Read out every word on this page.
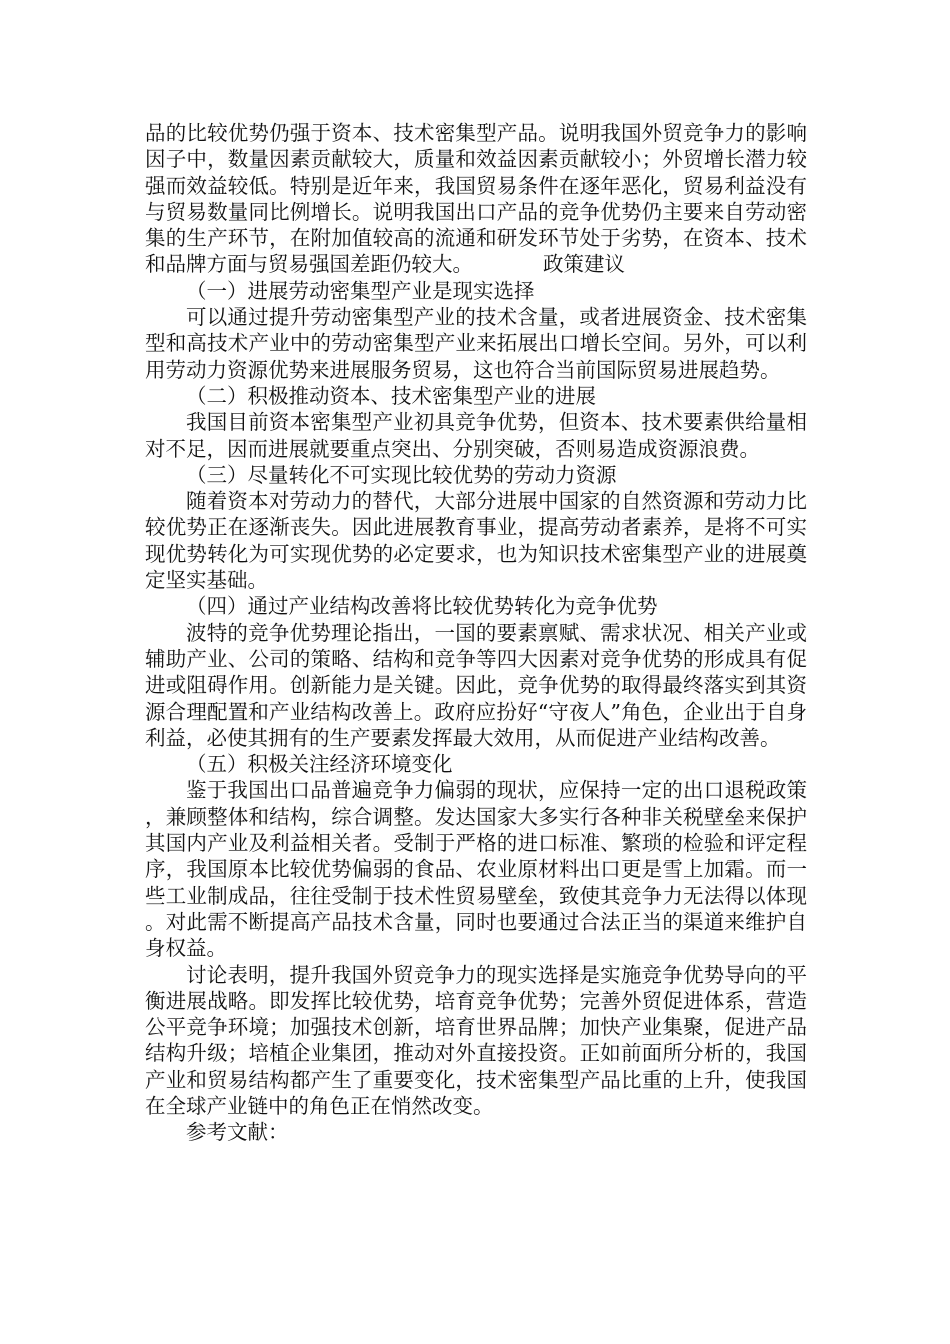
品的比较优势仍强于资本、技术密集型产品。说明我国外贸竞争力的影响因子中，数量因素贡献较大，质量和效益因素贡献较小；外贸增长潜力较强而效益较低。特别是近年来，我国贸易条件在逐年恶化，贸易利益没有与贸易数量同比例增长。说明我国出口产品的竞争优势仍主要来自劳动密集的生产环节，在附加值较高的流通和研发环节处于劣势，在资本、技术和品牌方面与贸易强国差距仍较大。	政策建议

（一）进展劳动密集型产业是现实选择

可以通过提升劳动密集型产业的技术含量，或者进展资金、技术密集型和高技术产业中的劳动密集型产业来拓展出口增长空间。另外，可以利用劳动力资源优势来进展服务贸易，这也符合当前国际贸易进展趋势。

（二）积极推动资本、技术密集型产业的进展

我国目前资本密集型产业初具竞争优势，但资本、技术要素供给量相对不足，因而进展就要重点突出、分别突破，否则易造成资源浪费。

（三）尽量转化不可实现比较优势的劳动力资源

随着资本对劳动力的替代，大部分进展中国家的自然资源和劳动力比较优势正在逐渐丧失。因此进展教育事业，提高劳动者素养，是将不可实现优势转化为可实现优势的必定要求，也为知识技术密集型产业的进展奠定坚实基础。

（四）通过产业结构改善将比较优势转化为竞争优势

波特的竞争优势理论指出，一国的要素禀赋、需求状况、相关产业或辅助产业、公司的策略、结构和竞争等四大因素对竞争优势的形成具有促进或阻碍作用。创新能力是关键。因此，竞争优势的取得最终落实到其资源合理配置和产业结构改善上。政府应扮好“守夜人”角色，企业出于自身利益，必使其拥有的生产要素发挥最大效用，从而促进产业结构改善。

（五）积极关注经济环境变化

鉴于我国出口品普遍竞争力偏弱的现状，应保持一定的出口退税政策，兼顾整体和结构，综合调整。发达国家大多实行各种非关税壁垒来保护其国内产业及利益相关者。受制于严格的进口标准、繁琐的检验和评定程序，我国原本比较优势偏弱的食品、农业原材料出口更是雪上加霜。而一些工业制成品，往往受制于技术性贸易壁垒，致使其竞争力无法得以体现。对此需不断提高产品技术含量，同时也要通过合法正当的渠道来维护自身权益。

讨论表明，提升我国外贸竞争力的现实选择是实施竞争优势导向的平衡进展战略。即发挥比较优势，培育竞争优势；完善外贸促进体系，营造公平竞争环境；加强技术创新，培育世界品牌；加快产业集聚，促进产品结构升级；培植企业集团，推动对外直接投资。正如前面所分析的，我国产业和贸易结构都产生了重要变化，技术密集型产品比重的上升，使我国在全球产业链中的角色正在悄然改变。

参考文献：
